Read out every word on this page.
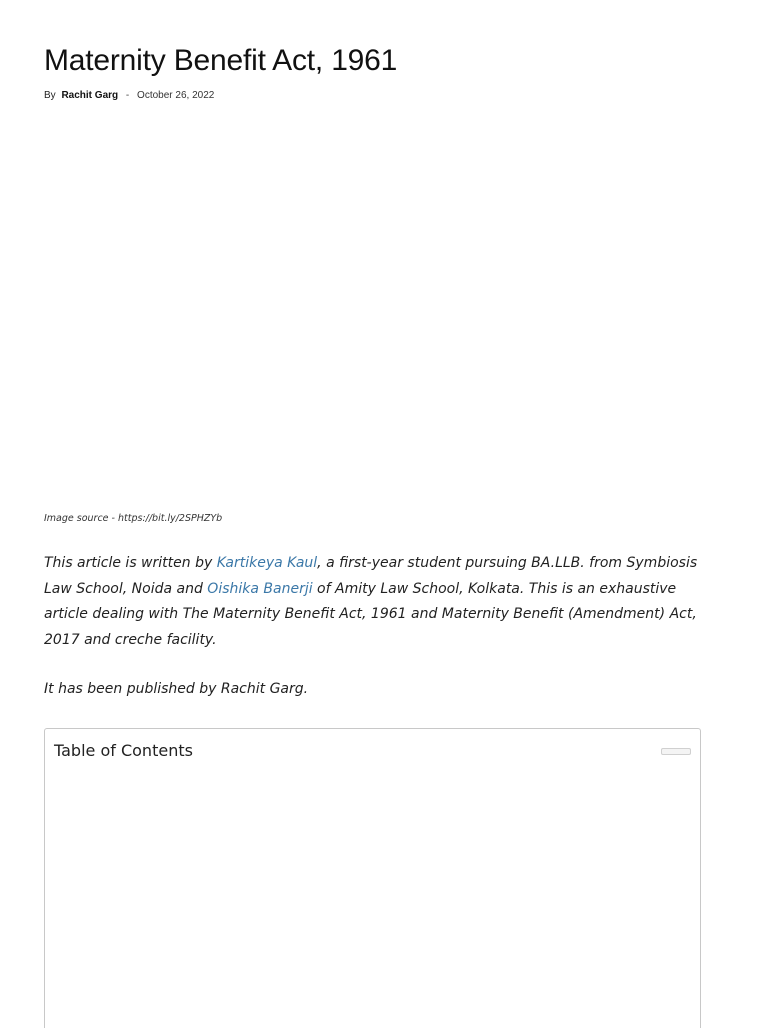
Maternity Benefit Act, 1961
By Rachit Garg - October 26, 2022
Image source - https://bit.ly/2SPHZYb

This article is written by Kartikeya Kaul, a first-year student pursuing BA.LLB. from Symbiosis Law School, Noida and Oishika Banerji of Amity Law School, Kolkata. This is an exhaustive article dealing with The Maternity Benefit Act, 1961 and Maternity Benefit (Amendment) Act, 2017 and creche facility.

It has been published by Rachit Garg.

Table of Contents
